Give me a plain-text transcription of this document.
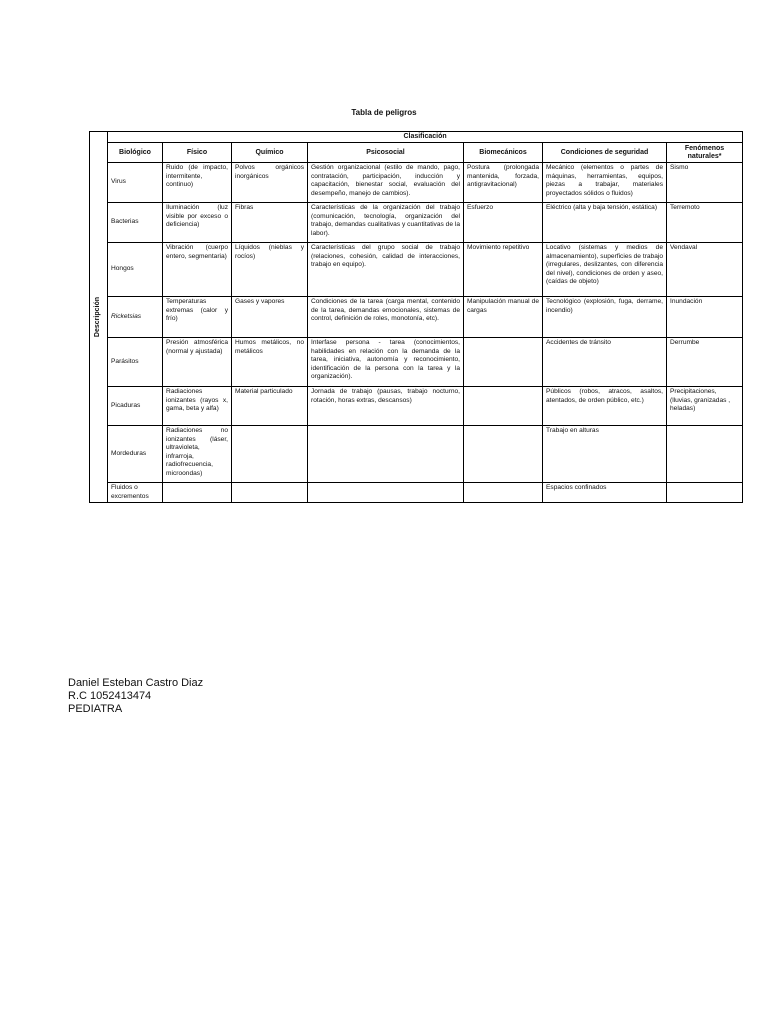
Tabla de peligros
Descripción	Clasificación						
	Biológico	Físico	Químico	Psicosocial	Biomecánicos	Condiciones de seguridad	Fenómenos naturales*
	Virus	Ruido (de impacto, intermitente, continuo)	Polvos orgánicos inorgánicos	Gestión organizacional (estilo de mando, pago, contratación, participación, inducción y capacitación, bienestar social, evaluación del desempeño, manejo de cambios).	Postura (prolongada mantenida, forzada, antigravitacional)	Mecánico (elementos o partes de máquinas, herramientas, equipos, piezas a trabajar, materiales proyectados sólidos o fluidos)	Sismo
	Bacterias	Iluminación (luz visible por exceso o deficiencia)	Fibras	Características de la organización del trabajo (comunicación, tecnología, organización del trabajo, demandas cualitativas y cuantitativas de la labor).	Esfuerzo	Eléctrico (alta y baja tensión, estática)	Terremoto
	Hongos	Vibración (cuerpo entero, segmentaria)	Líquidos (nieblas y rocíos)	Características del grupo social de trabajo (relaciones, cohesión, calidad de interacciones, trabajo en equipo).	Movimiento repetitivo	Locativo (sistemas y medios de almacenamiento), superficies de trabajo (irregulares, deslizantes, con diferencia del nivel), condiciones de orden y aseo, (caídas de objeto)	Vendaval
	Ricketsias	Temperaturas extremas (calor y frío)	Gases y vapores	Condiciones de la tarea (carga mental, contenido de la tarea, demandas emocionales, sistemas de control, definición de roles, monotonía, etc).	Manipulación manual de cargas	Tecnológico (explosión, fuga, derrame, incendio)	Inundación
	Parásitos	Presión atmosférica (normal y ajustada)	Humos metálicos, no metálicos	Interfase persona - tarea (conocimientos, habilidades en relación con la demanda de la tarea, iniciativa, autonomía y reconocimiento, identificación de la persona con la tarea y la organización).		Accidentes de tránsito	Derrumbe
	Picaduras	Radiaciones ionizantes (rayos x, gama, beta y alfa)	Material particulado	Jornada de trabajo (pausas, trabajo nocturno, rotación, horas extras, descansos)		Públicos (robos, atracos, asaltos, atentados, de orden público, etc.)	Precipitaciones, (lluvias, granizadas , heladas)
	Mordeduras	Radiaciones no ionizantes (láser, ultravioleta, infrarroja, radiofrecuencia, microondas)				Trabajo en alturas	
	Fluidos o excrementos					Espacios confinados	
Daniel Esteban Castro Diaz
R.C 1052413474
PEDIATRA
